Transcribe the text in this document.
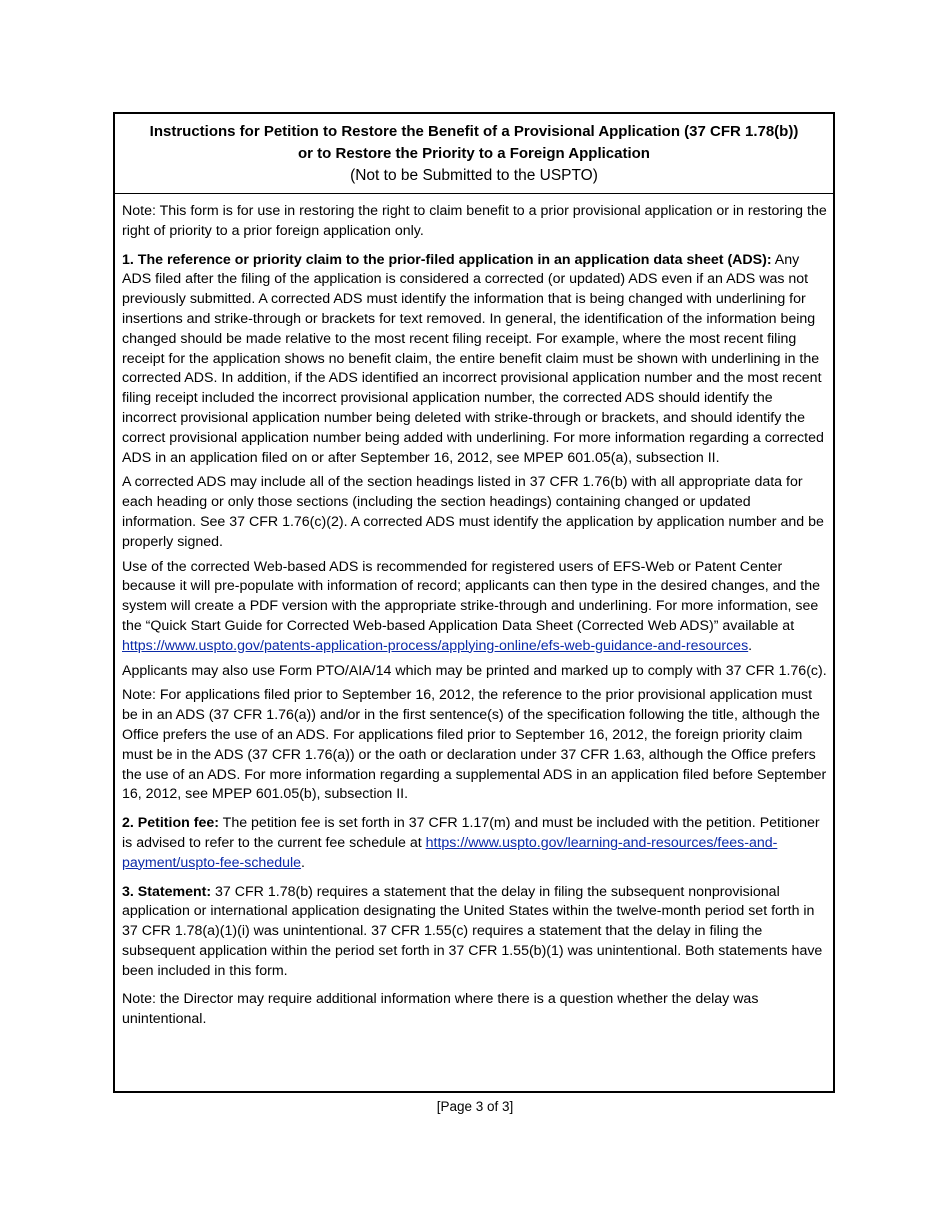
Instructions for Petition to Restore the Benefit of a Provisional Application (37 CFR 1.78(b))
or to Restore the Priority to a Foreign Application
(Not to be Submitted to the USPTO)

Note: This form is for use in restoring the right to claim benefit to a prior provisional application or in restoring the right of priority to a prior foreign application only.

1. The reference or priority claim to the prior-filed application in an application data sheet (ADS): Any ADS filed after the filing of the application is considered a corrected (or updated) ADS even if an ADS was not previously submitted. A corrected ADS must identify the information that is being changed with underlining for insertions and strike-through or brackets for text removed. In general, the identification of the information being changed should be made relative to the most recent filing receipt. For example, where the most recent filing receipt for the application shows no benefit claim, the entire benefit claim must be shown with underlining in the corrected ADS. In addition, if the ADS identified an incorrect provisional application number and the most recent filing receipt included the incorrect provisional application number, the corrected ADS should identify the incorrect provisional application number being deleted with strike-through or brackets, and should identify the correct provisional application number being added with underlining. For more information regarding a corrected ADS in an application filed on or after September 16, 2012, see MPEP 601.05(a), subsection II.

A corrected ADS may include all of the section headings listed in 37 CFR 1.76(b) with all appropriate data for each heading or only those sections (including the section headings) containing changed or updated information. See 37 CFR 1.76(c)(2). A corrected ADS must identify the application by application number and be properly signed.

Use of the corrected Web-based ADS is recommended for registered users of EFS-Web or Patent Center because it will pre-populate with information of record; applicants can then type in the desired changes, and the system will create a PDF version with the appropriate strike-through and underlining. For more information, see the “Quick Start Guide for Corrected Web-based Application Data Sheet (Corrected Web ADS)” available at https://www.uspto.gov/patents-application-process/applying-online/efs-web-guidance-and-resources.

Applicants may also use Form PTO/AIA/14 which may be printed and marked up to comply with 37 CFR 1.76(c).

Note: For applications filed prior to September 16, 2012, the reference to the prior provisional application must be in an ADS (37 CFR 1.76(a)) and/or in the first sentence(s) of the specification following the title, although the Office prefers the use of an ADS. For applications filed prior to September 16, 2012, the foreign priority claim must be in the ADS (37 CFR 1.76(a)) or the oath or declaration under 37 CFR 1.63, although the Office prefers the use of an ADS. For more information regarding a supplemental ADS in an application filed before September 16, 2012, see MPEP 601.05(b), subsection II.

2. Petition fee: The petition fee is set forth in 37 CFR 1.17(m) and must be included with the petition. Petitioner is advised to refer to the current fee schedule at https://www.uspto.gov/learning-and-resources/fees-and-payment/uspto-fee-schedule.

3. Statement: 37 CFR 1.78(b) requires a statement that the delay in filing the subsequent nonprovisional application or international application designating the United States within the twelve-month period set forth in 37 CFR 1.78(a)(1)(i) was unintentional. 37 CFR 1.55(c) requires a statement that the delay in filing the subsequent application within the period set forth in 37 CFR 1.55(b)(1) was unintentional. Both statements have been included in this form.

Note: the Director may require additional information where there is a question whether the delay was unintentional.

[Page 3 of 3]
